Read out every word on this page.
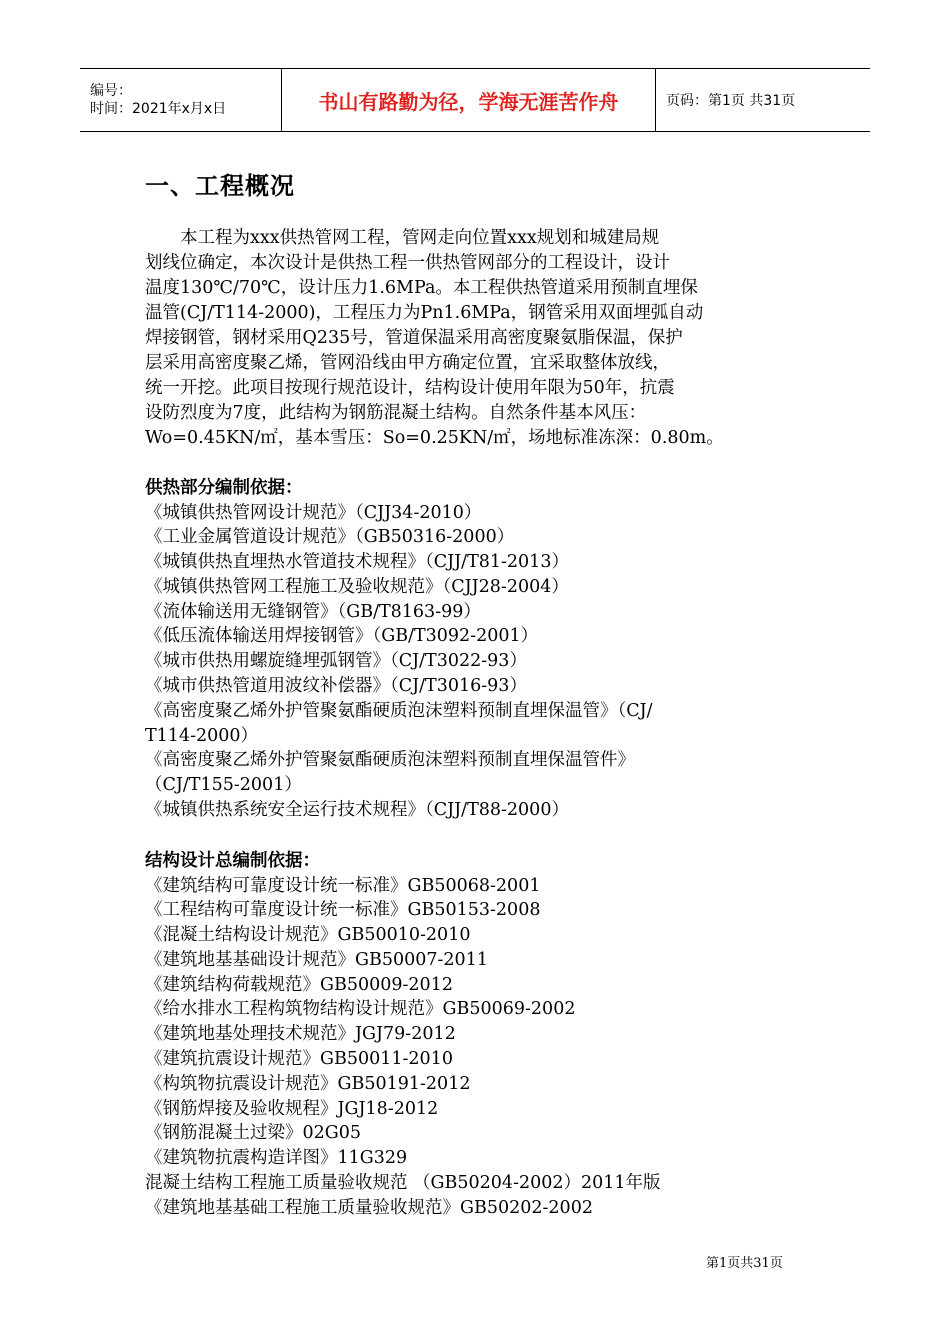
编号：
时间：2021年x月x日	书山有路勤为径，学海无涯苦作舟	页码：第1页 共31页
一、工程概况
　　本工程为xxx供热管网工程，管网走向位置xxx规划和城建局规
划线位确定，本次设计是供热工程一供热管网部分的工程设计，设计
温度130℃/70℃，设计压力1.6MPa。本工程供热管道采用预制直埋保
温管(CJ/T114-2000)，工程压力为Pn1.6MPa，钢管采用双面埋弧自动
焊接钢管，钢材采用Q235号，管道保温采用高密度聚氨脂保温，保护
层采用高密度聚乙烯，管网沿线由甲方确定位置，宜采取整体放线，
统一开挖。此项目按现行规范设计，结构设计使用年限为50年，抗震
设防烈度为7度，此结构为钢筋混凝土结构。自然条件基本风压：
Wo=0.45KN/㎡，基本雪压：So=0.25KN/㎡，场地标准冻深：0.80m。
供热部分编制依据：
《城镇供热管网设计规范》（CJJ34-2010）
《工业金属管道设计规范》（GB50316-2000）
《城镇供热直埋热水管道技术规程》（CJJ/T81-2013）
《城镇供热管网工程施工及验收规范》（CJJ28-2004）
《流体输送用无缝钢管》（GB/T8163-99）
《低压流体输送用焊接钢管》（GB/T3092-2001）
《城市供热用螺旋缝埋弧钢管》（CJ/T3022-93）
《城市供热管道用波纹补偿器》（CJ/T3016-93）
《高密度聚乙烯外护管聚氨酯硬质泡沫塑料预制直埋保温管》（CJ/
T114-2000）
《高密度聚乙烯外护管聚氨酯硬质泡沫塑料预制直埋保温管件》
（CJ/T155-2001）
《城镇供热系统安全运行技术规程》（CJJ/T88-2000）
结构设计总编制依据：
《建筑结构可靠度设计统一标准》GB50068-2001
《工程结构可靠度设计统一标准》GB50153-2008
《混凝土结构设计规范》GB50010-2010
《建筑地基基础设计规范》GB50007-2011
《建筑结构荷载规范》GB50009-2012
《给水排水工程构筑物结构设计规范》GB50069-2002
《建筑地基处理技术规范》JGJ79-2012
《建筑抗震设计规范》GB50011-2010
《构筑物抗震设计规范》GB50191-2012
《钢筋焊接及验收规程》JGJ18-2012
《钢筋混凝土过梁》02G05
《建筑物抗震构造详图》11G329
混凝土结构工程施工质量验收规范 （GB50204-2002）2011年版
《建筑地基基础工程施工质量验收规范》GB50202-2002
第1页共31页
